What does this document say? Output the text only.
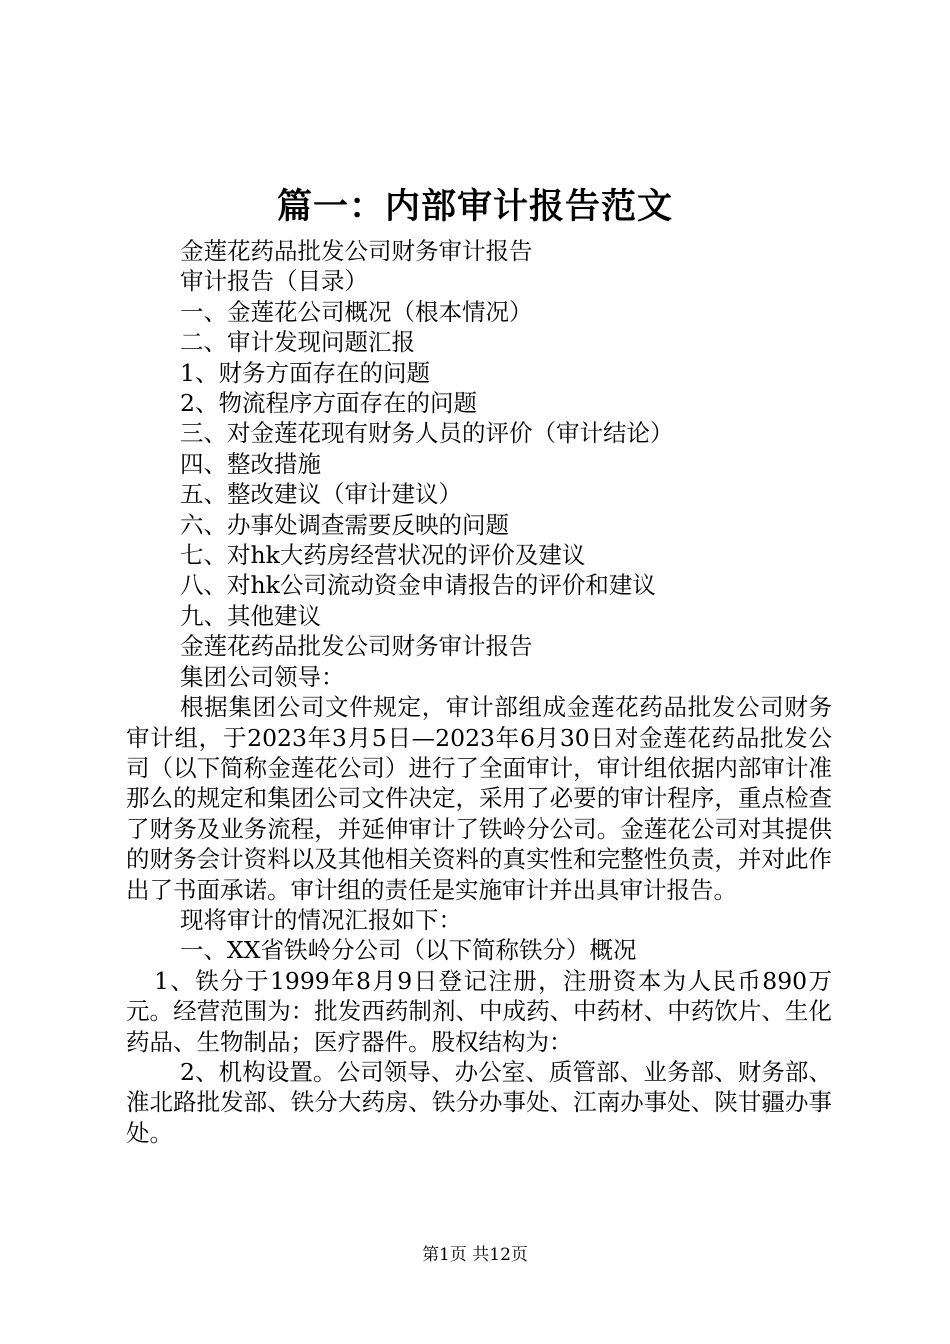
篇一：内部审计报告范文

金莲花药品批发公司财务审计报告

审计报告（目录）

一、金莲花公司概况（根本情况）

二、审计发现问题汇报

1、财务方面存在的问题

2、物流程序方面存在的问题

三、对金莲花现有财务人员的评价（审计结论）

四、整改措施

五、整改建议（审计建议）

六、办事处调查需要反映的问题

七、对hk大药房经营状况的评价及建议

八、对hk公司流动资金申请报告的评价和建议

九、其他建议

金莲花药品批发公司财务审计报告

集团公司领导：

根据集团公司文件规定，审计部组成金莲花药品批发公司财务审计组，于2023年3月5日—2023年6月30日对金莲花药品批发公司（以下简称金莲花公司）进行了全面审计，审计组依据内部审计准那么的规定和集团公司文件决定，采用了必要的审计程序，重点检查了财务及业务流程，并延伸审计了铁岭分公司。金莲花公司对其提供的财务会计资料以及其他相关资料的真实性和完整性负责，并对此作出了书面承诺。审计组的责任是实施审计并出具审计报告。

现将审计的情况汇报如下：

一、XX省铁岭分公司（以下简称铁分）概况

1、铁分于1999年8月9日登记注册，注册资本为人民币890万元。经营范围为：批发西药制剂、中成药、中药材、中药饮片、生化药品、生物制品；医疗器件。股权结构为：

2、机构设置。公司领导、办公室、质管部、业务部、财务部、淮北路批发部、铁分大药房、铁分办事处、江南办事处、陕甘疆办事处。

第1页 共12页
